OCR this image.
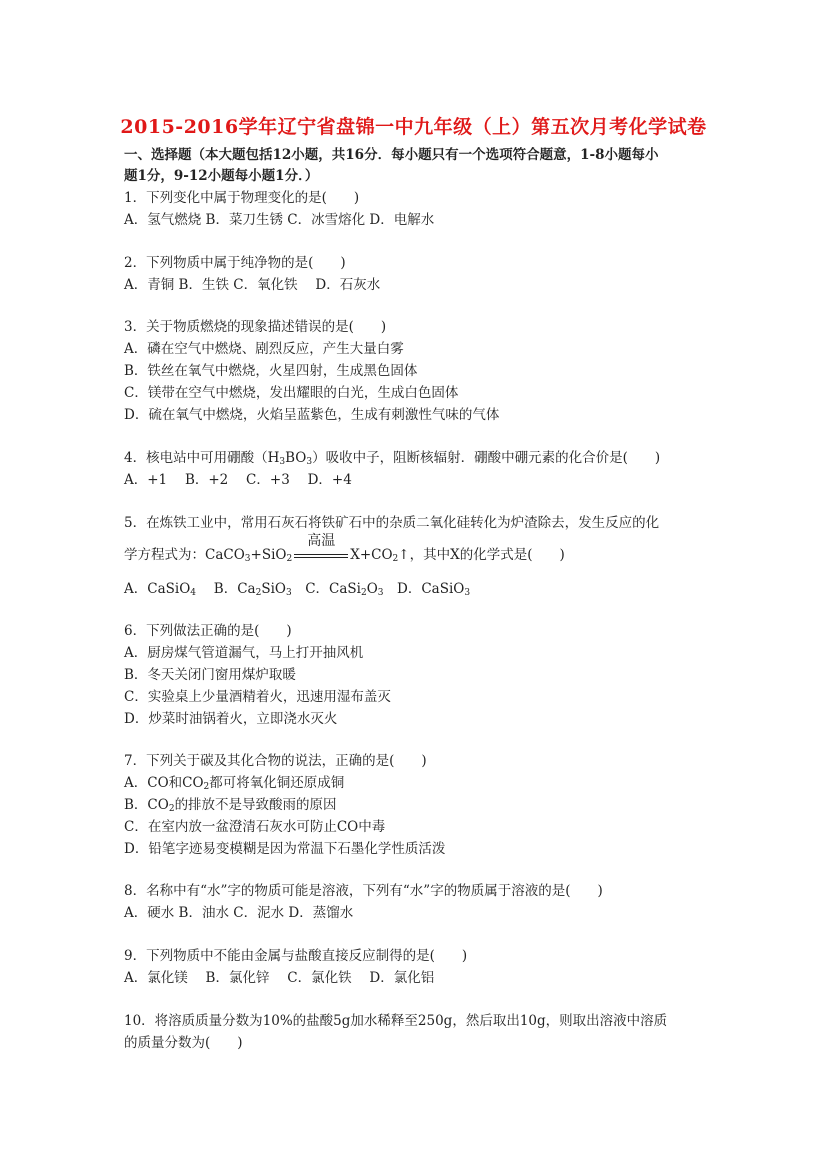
2015-2016学年辽宁省盘锦一中九年级（上）第五次月考化学试卷
一、选择题（本大题包括12小题，共16分．每小题只有一个选项符合题意，1-8小题每小
题1分，9-12小题每小题1分．）
1．下列变化中属于物理变化的是(　　)
A．氢气燃烧 B．菜刀生锈 C．冰雪熔化 D．电解水
2．下列物质中属于纯净物的是(　　)
A．青铜 B．生铁 C．氧化铁　 D．石灰水
3．关于物质燃烧的现象描述错误的是(　　)
A．磷在空气中燃烧、剧烈反应，产生大量白雾
B．铁丝在氧气中燃烧，火星四射，生成黑色固体
C．镁带在空气中燃烧，发出耀眼的白光，生成白色固体
D．硫在氧气中燃烧，火焰呈蓝紫色，生成有刺激性气味的气体
4．核电站中可用硼酸$(H_3BO_3)$吸收中子，阻断核辐射．硼酸中硼元素的化合价是(　　)
A．+1　 B．+2　 C．+3　 D．+4
5．在炼铁工业中，常用石灰石将铁矿石中的杂质二氧化硅转化为炉渣除去，发生反应的化
学方程式为：CaCO$_3$+SiO$_2$
高温
$X+CO_2↑$，其中X的化学式是(　　)
A．CaSiO$_4$　 B．$Ca_2SiO_3$　C．$CaSi_2O_3$　D．CaSiO$_3$
6．下列做法正确的是(　　)
A．厨房煤气管道漏气，马上打开抽风机
B．冬天关闭门窗用煤炉取暖
C．实验桌上少量酒精着火，迅速用湿布盖灭
D．炒菜时油锅着火，立即浇水灭火
7．下列关于碳及其化合物的说法，正确的是(　　)
A．CO和$CO_2$都可将氧化铜还原成铜
B．$CO_2$的排放不是导致酸雨的原因
C．在室内放一盆澄清石灰水可防止CO中毒
D．铅笔字迹易变模糊是因为常温下石墨化学性质活泼
8．名称中有“水”字的物质可能是溶液，下列有“水”字的物质属于溶液的是(　　)
A．硬水 B．油水 C．泥水 D．蒸馏水
9．下列物质中不能由金属与盐酸直接反应制得的是(　　)
A．氯化镁　 B．氯化锌　 C．氯化铁　 D．氯化铝
10．将溶质质量分数为10%的盐酸5g加水稀释至250g，然后取出10g，则取出溶液中溶质
的质量分数为(　　)
